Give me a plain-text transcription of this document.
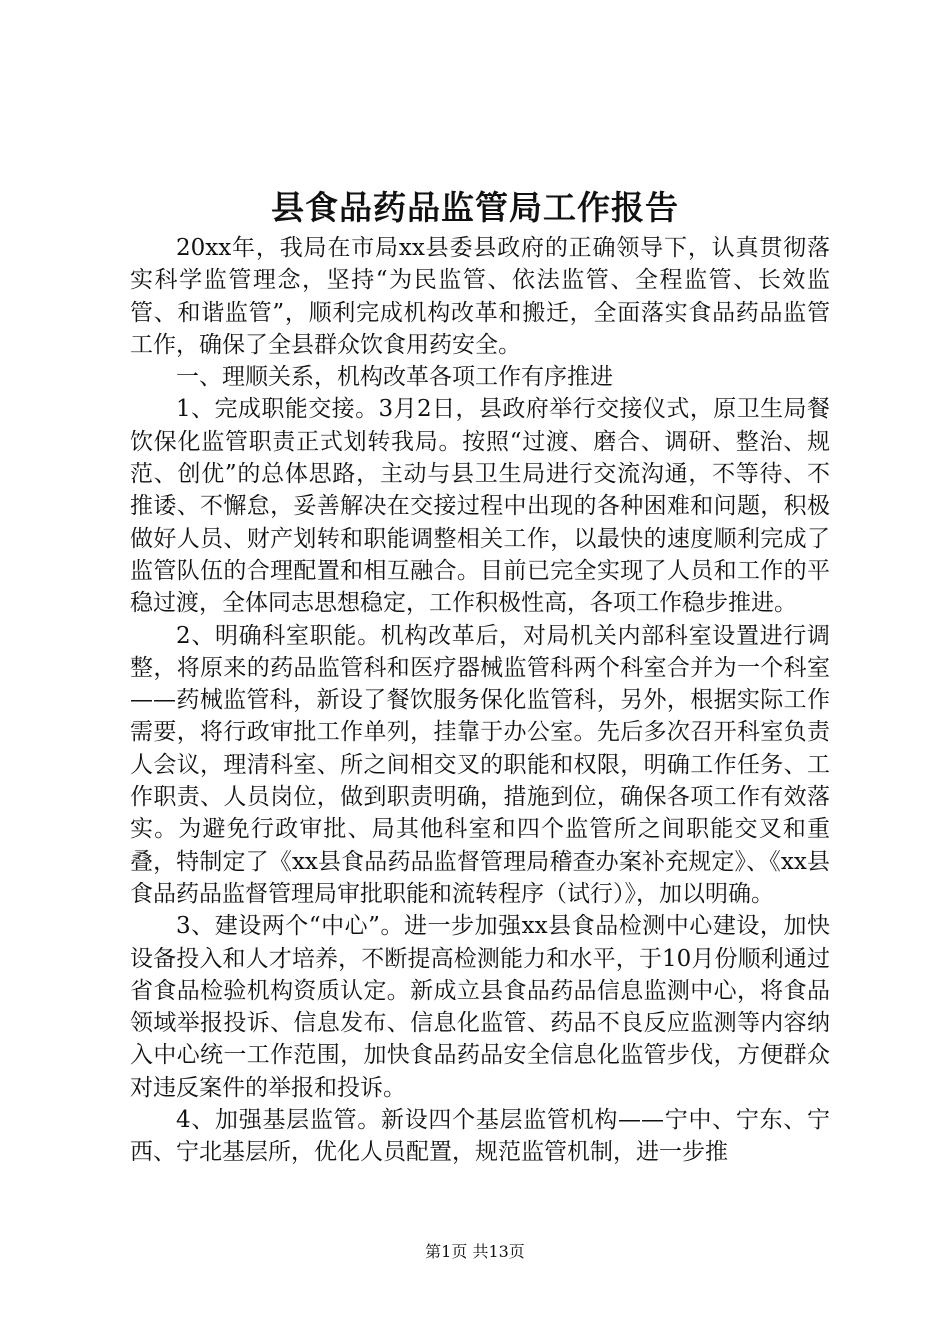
县食品药品监管局工作报告

20xx年，我局在市局xx县委县政府的正确领导下，认真贯彻落实科学监管理念，坚持“为民监管、依法监管、全程监管、长效监管、和谐监管”，顺利完成机构改革和搬迁，全面落实食品药品监管工作，确保了全县群众饮食用药安全。

一、理顺关系，机构改革各项工作有序推进

1、完成职能交接。3月2日，县政府举行交接仪式，原卫生局餐饮保化监管职责正式划转我局。按照“过渡、磨合、调研、整治、规范、创优”的总体思路，主动与县卫生局进行交流沟通，不等待、不推诿、不懈怠，妥善解决在交接过程中出现的各种困难和问题，积极做好人员、财产划转和职能调整相关工作，以最快的速度顺利完成了监管队伍的合理配置和相互融合。目前已完全实现了人员和工作的平稳过渡，全体同志思想稳定，工作积极性高，各项工作稳步推进。

2、明确科室职能。机构改革后，对局机关内部科室设置进行调整，将原来的药品监管科和医疗器械监管科两个科室合并为一个科室——药械监管科，新设了餐饮服务保化监管科，另外，根据实际工作需要，将行政审批工作单列，挂靠于办公室。先后多次召开科室负责人会议，理清科室、所之间相交叉的职能和权限，明确工作任务、工作职责、人员岗位，做到职责明确，措施到位，确保各项工作有效落实。为避免行政审批、局其他科室和四个监管所之间职能交叉和重叠，特制定了《xx县食品药品监督管理局稽查办案补充规定》、《xx县食品药品监督管理局审批职能和流转程序（试行）》，加以明确。

3、建设两个“中心”。进一步加强xx县食品检测中心建设，加快设备投入和人才培养，不断提高检测能力和水平，于10月份顺利通过省食品检验机构资质认定。新成立县食品药品信息监测中心，将食品领域举报投诉、信息发布、信息化监管、药品不良反应监测等内容纳入中心统一工作范围，加快食品药品安全信息化监管步伐，方便群众对违反案件的举报和投诉。

4、加强基层监管。新设四个基层监管机构——宁中、宁东、宁西、宁北基层所，优化人员配置，规范监管机制，进一步推

第1页 共13页
